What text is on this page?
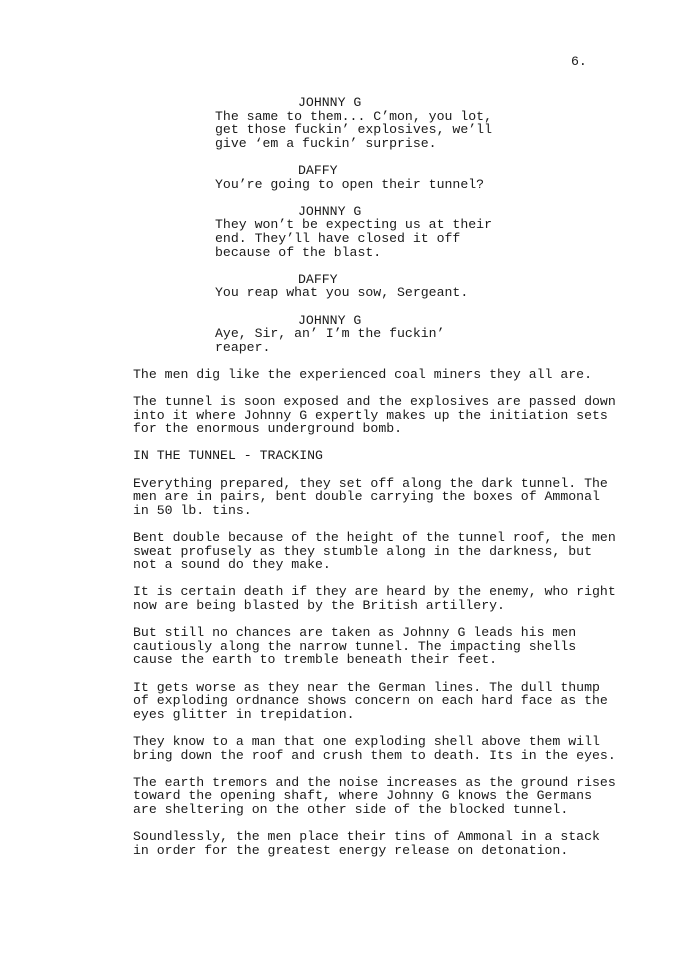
6.

JOHNNY G

The same to them... C’mon, you lot,
get those fuckin’ explosives, we’ll
give ‘em a fuckin’ surprise.

DAFFY

You’re going to open their tunnel?

JOHNNY G

They won’t be expecting us at their
end. They’ll have closed it off
because of the blast.

DAFFY

You reap what you sow, Sergeant.

JOHNNY G

Aye, Sir, an’ I’m the fuckin’
reaper.

The men dig like the experienced coal miners they all are.

The tunnel is soon exposed and the explosives are passed down
into it where Johnny G expertly makes up the initiation sets
for the enormous underground bomb.

IN THE TUNNEL - TRACKING

Everything prepared, they set off along the dark tunnel. The
men are in pairs, bent double carrying the boxes of Ammonal
in 50 lb. tins.

Bent double because of the height of the tunnel roof, the men
sweat profusely as they stumble along in the darkness, but
not a sound do they make.

It is certain death if they are heard by the enemy, who right
now are being blasted by the British artillery.

But still no chances are taken as Johnny G leads his men
cautiously along the narrow tunnel. The impacting shells
cause the earth to tremble beneath their feet.

It gets worse as they near the German lines. The dull thump
of exploding ordnance shows concern on each hard face as the
eyes glitter in trepidation.

They know to a man that one exploding shell above them will
bring down the roof and crush them to death. Its in the eyes.

The earth tremors and the noise increases as the ground rises
toward the opening shaft, where Johnny G knows the Germans
are sheltering on the other side of the blocked tunnel.

Soundlessly, the men place their tins of Ammonal in a stack
in order for the greatest energy release on detonation.
